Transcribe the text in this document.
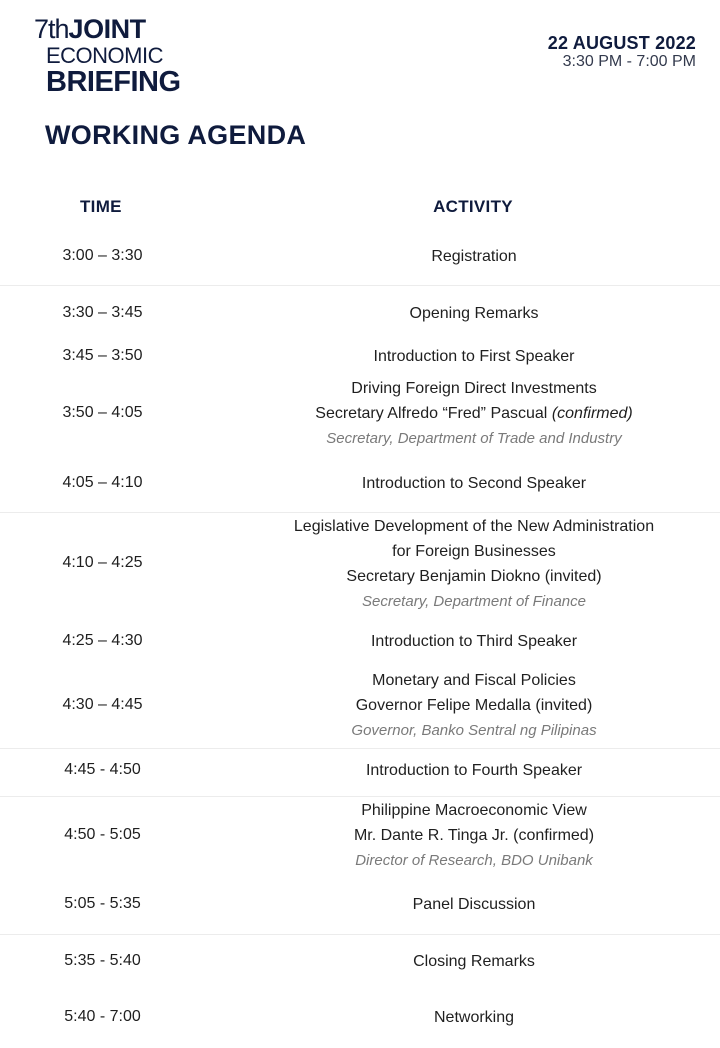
7thJOINT
ECONOMIC
BRIEFING
22 AUGUST 2022
3:30 PM - 7:00 PM
WORKING AGENDA
TIME	ACTIVITY
3:00 – 3:30	Registration
3:30 – 3:45	Opening Remarks
3:45 – 3:50	Introduction to First Speaker
3:50 – 4:05
Driving Foreign Direct Investments
Secretary Alfredo “Fred” Pascual (confirmed)
Secretary, Department of Trade and Industry
4:05 – 4:10	Introduction to Second Speaker
4:10 – 4:25
Legislative Development of the New Administration
for Foreign Businesses
Secretary Benjamin Diokno (invited)
Secretary, Department of Finance
4:25 – 4:30	Introduction to Third Speaker
4:30 – 4:45
Monetary and Fiscal Policies
Governor Felipe Medalla (invited)
Governor, Banko Sentral ng Pilipinas
4:45 - 4:50	Introduction to Fourth Speaker
4:50 - 5:05
Philippine Macroeconomic View
Mr. Dante R. Tinga Jr. (confirmed)
Director of Research, BDO Unibank
5:05 - 5:35	Panel Discussion
5:35 - 5:40	Closing Remarks
5:40 - 7:00	Networking
